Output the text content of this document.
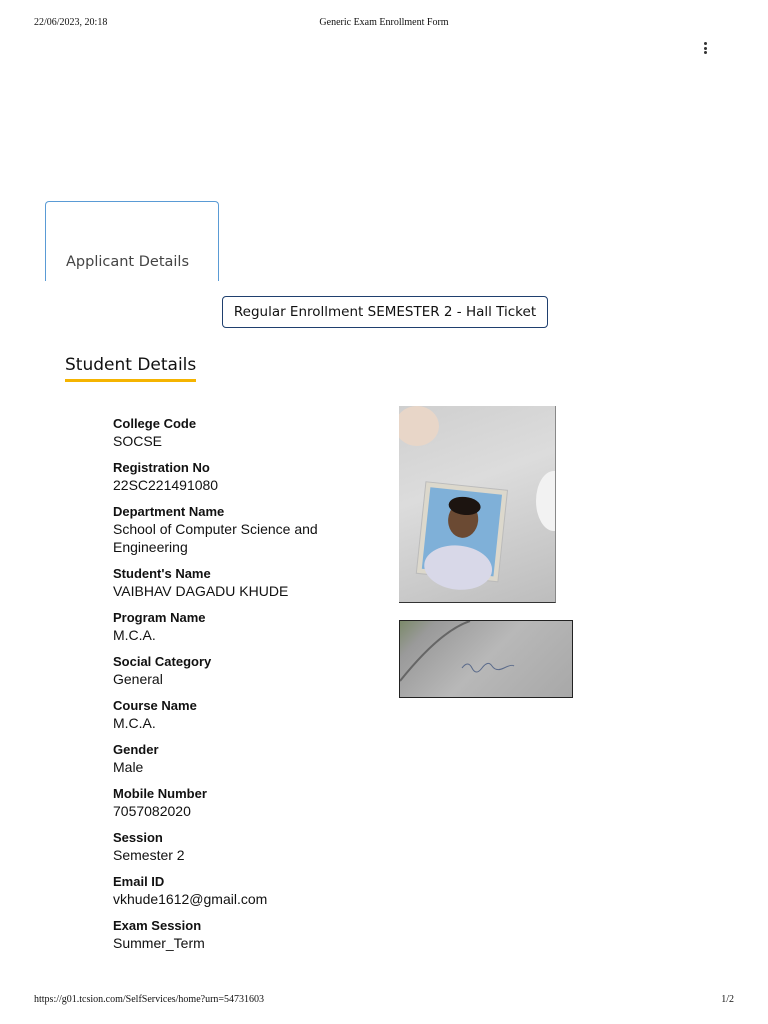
22/06/2023, 20:18	Generic Exam Enrollment Form
Applicant Details
Regular Enrollment SEMESTER 2 - Hall Ticket
Student Details
College Code
SOCSE
Registration No
22SC221491080
Department Name
School of Computer Science and Engineering
Student's Name
VAIBHAV DAGADU KHUDE
Program Name
M.C.A.
Social Category
General
Course Name
M.C.A.
Gender
Male
Mobile Number
7057082020
Session
Semester 2
Email ID
vkhude1612@gmail.com
Exam Session
Summer_Term
https://g01.tcsion.com/SelfServices/home?urn=54731603	1/2
